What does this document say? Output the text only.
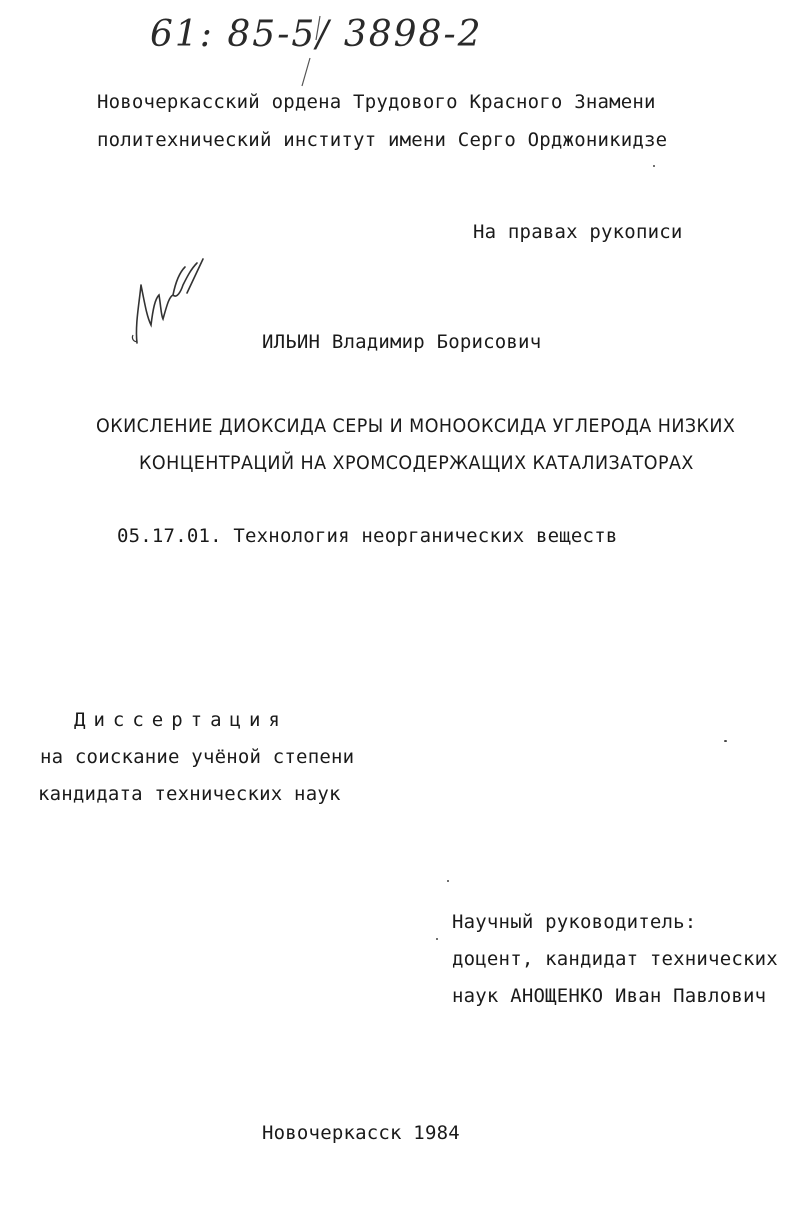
61: 85-5/ 3898-2
Новочеркасский ордена Трудового Красного Знамени
политехнический институт имени Серго Орджоникидзе
На правах рукописи
ИЛЬИН Владимир Борисович
ОКИСЛЕНИЕ ДИОКСИДА СЕРЫ И МОНООКСИДА УГЛЕРОДА НИЗКИХ
КОНЦЕНТРАЦИЙ НА ХРОМСОДЕРЖАЩИХ КАТАЛИЗАТОРАХ
05.17.01. Технология неорганических веществ
Диссертация
на соискание учёной степени
кандидата технических наук
Научный руководитель:
доцент, кандидат технических
наук АНОЩЕНКО Иван Павлович
Новочеркасск 1984
